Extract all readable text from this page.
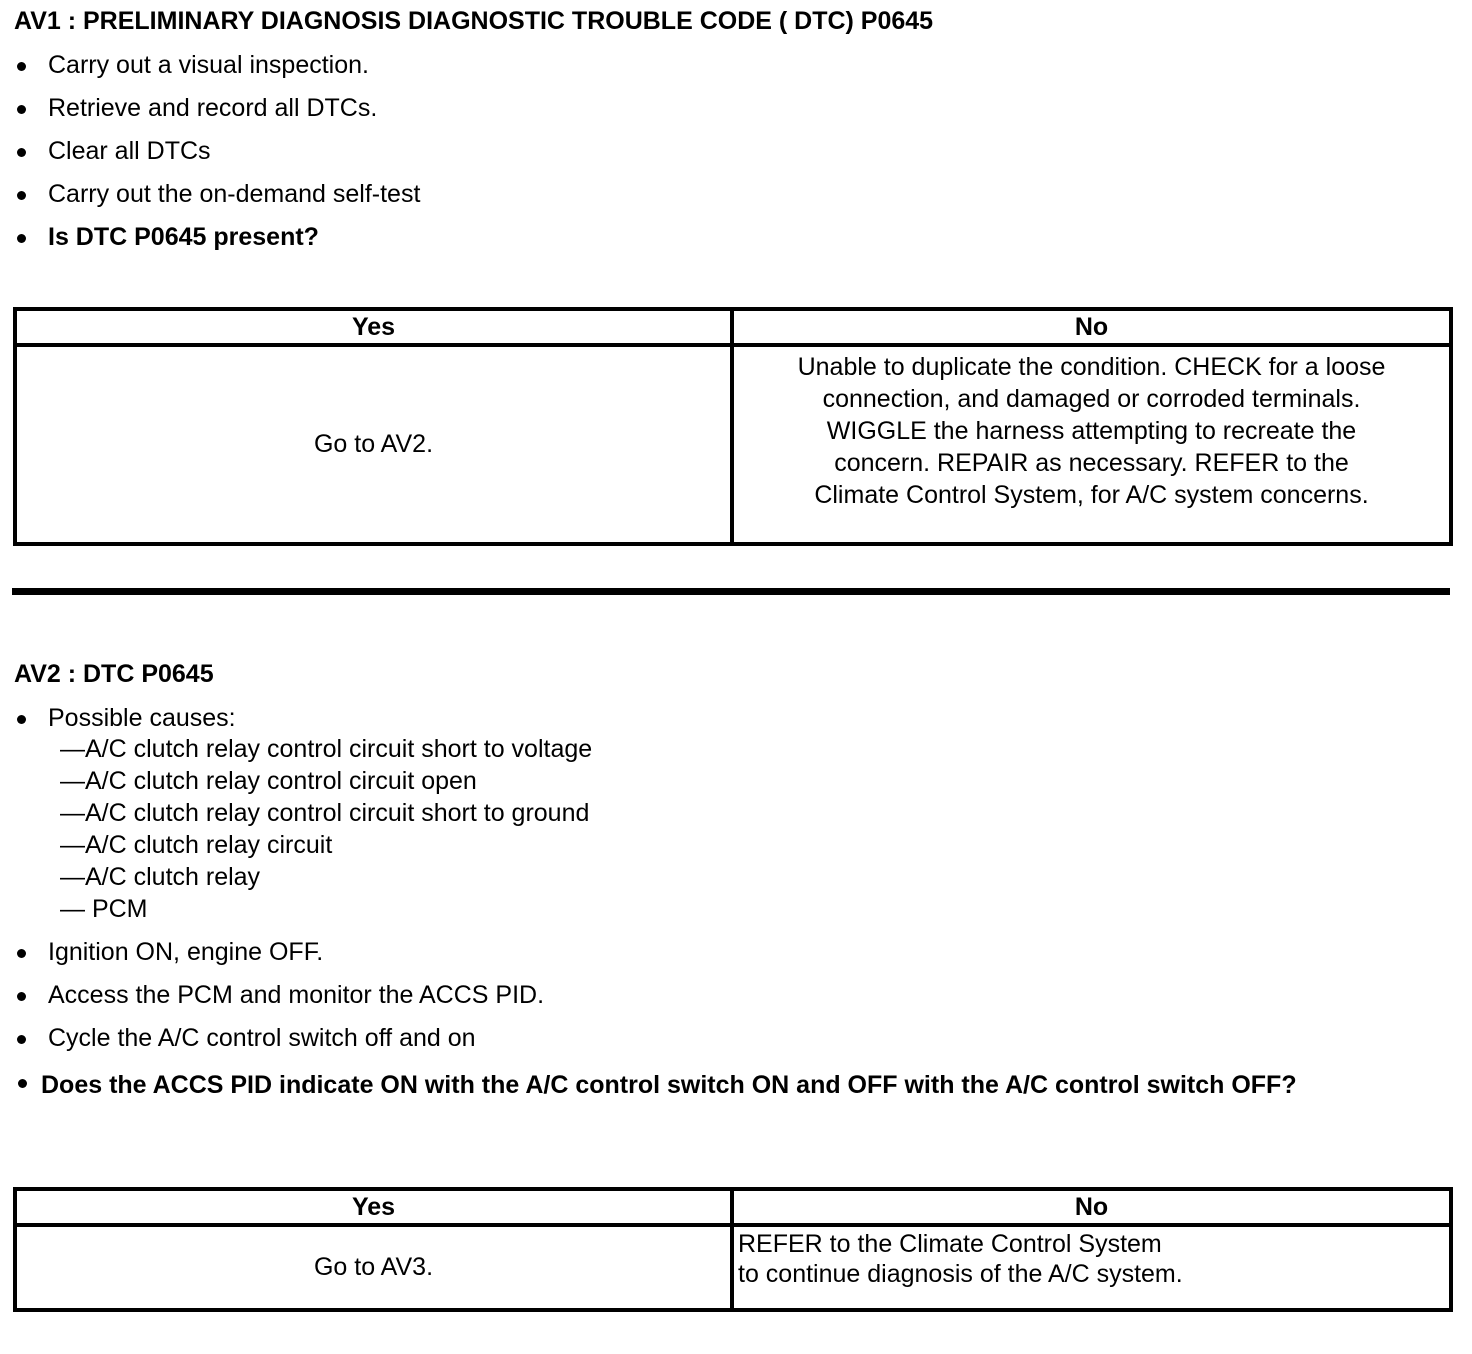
AV1 : PRELIMINARY DIAGNOSIS DIAGNOSTIC TROUBLE CODE ( DTC) P0645
Carry out a visual inspection.
Retrieve and record all DTCs.
Clear all DTCs
Carry out the on-demand self-test
Is DTC P0645 present?
Yes	No
Go to AV2.	Unable to duplicate the condition. CHECK for a loose
connection, and damaged or corroded terminals.
WIGGLE the harness attempting to recreate the
concern. REPAIR as necessary. REFER to the
Climate Control System, for A/C system concerns.
AV2 : DTC P0645
Possible causes:
—A/C clutch relay control circuit short to voltage
—A/C clutch relay control circuit open
—A/C clutch relay control circuit short to ground
—A/C clutch relay circuit
—A/C clutch relay
— PCM
Ignition ON, engine OFF.
Access the PCM and monitor the ACCS PID.
Cycle the A/C control switch off and on
Does the ACCS PID indicate ON with the A/C control switch ON and OFF with the A/C control switch OFF?
Yes	No
Go to AV3.	REFER to the Climate Control System
to continue diagnosis of the A/C system.
